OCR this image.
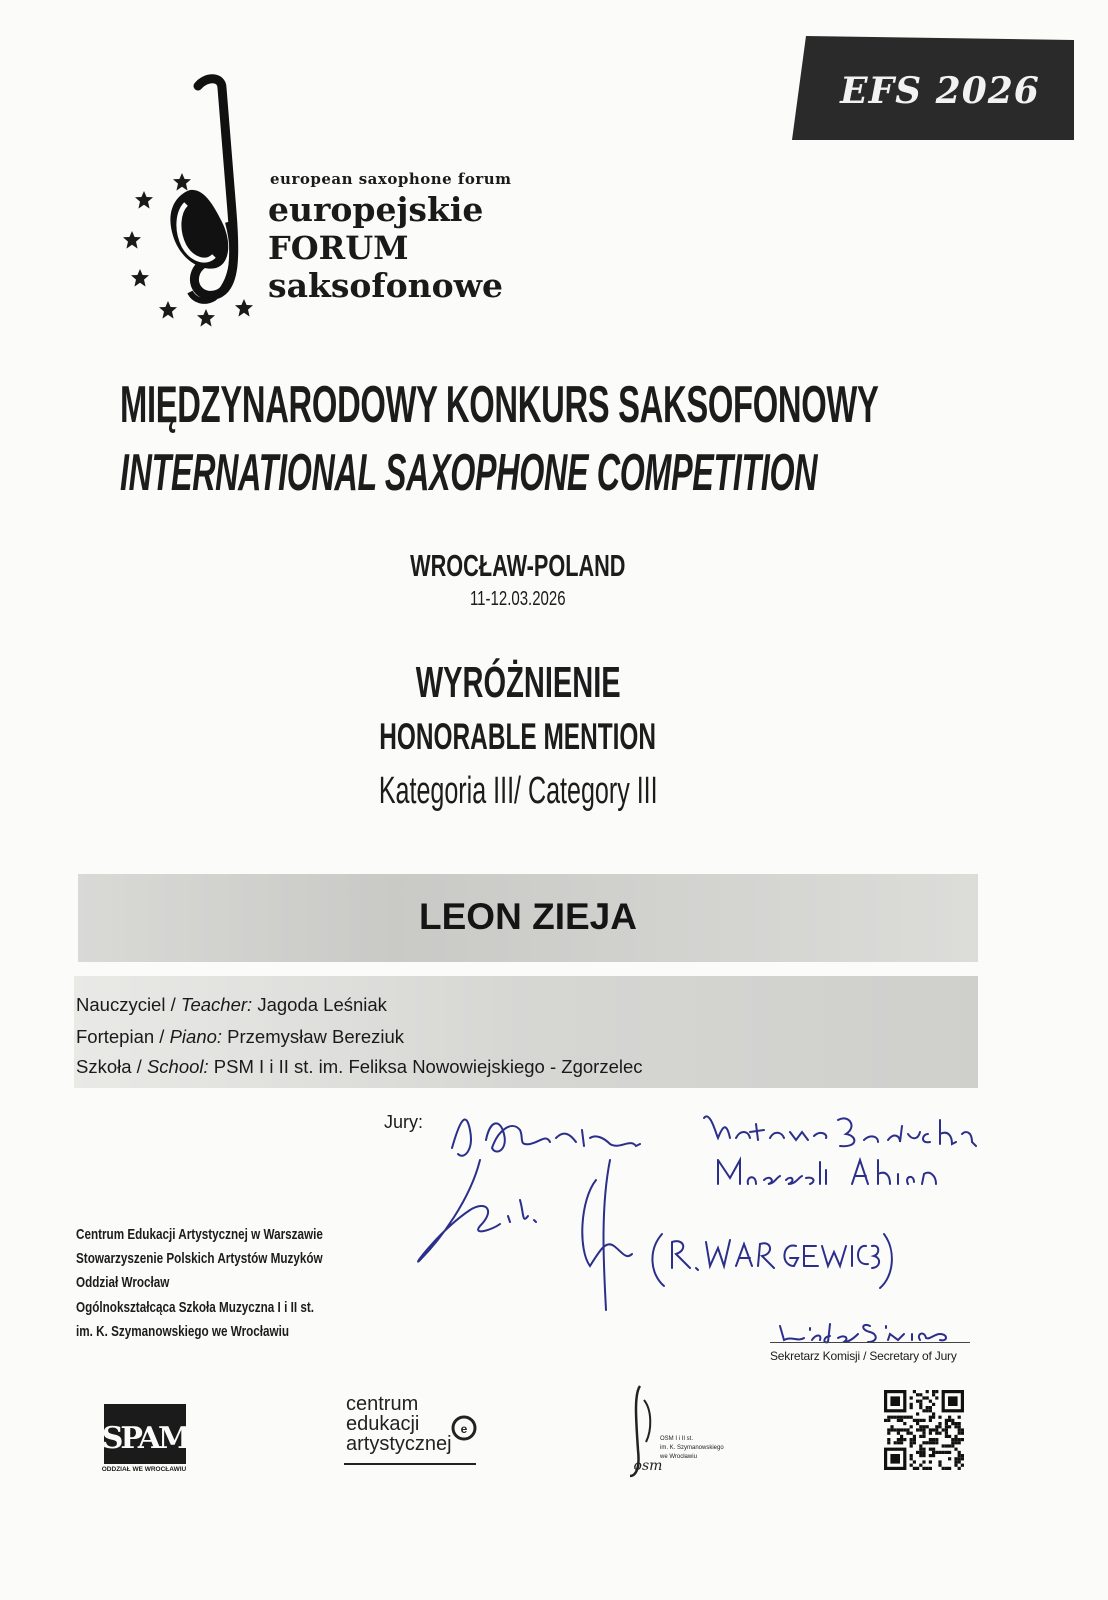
EFS 2026
european saxophone forum
europejskie
FORUM
saksofonowe
MIĘDZYNARODOWY KONKURS SAKSOFONOWY
INTERNATIONAL SAXOPHONE COMPETITION
WROCŁAW-POLAND
11-12.03.2026
WYRÓŻNIENIE
HONORABLE MENTION
Kategoria III/ Category III
LEON ZIEJA
Nauczyciel / Teacher: Jagoda Leśniak
Fortepian / Piano: Przemysław Bereziuk
Szkoła / School: PSM I i II st. im. Feliksa Nowowiejskiego - Zgorzelec
Jury:
Sekretarz Komisji / Secretary of Jury
Centrum Edukacji Artystycznej w Warszawie
Stowarzyszenie Polskich Artystów Muzyków
Oddział Wrocław
Ogólnokształcąca Szkoła Muzyczna I i II st.
im. K. Szymanowskiego we Wrocławiu
SPAM
ODDZIAŁ WE WROCŁAWIU
e
centrum
edukacji
artystycznej
osm
OSM I i II st.
im. K. Szymanowskiego
we Wrocławiu
